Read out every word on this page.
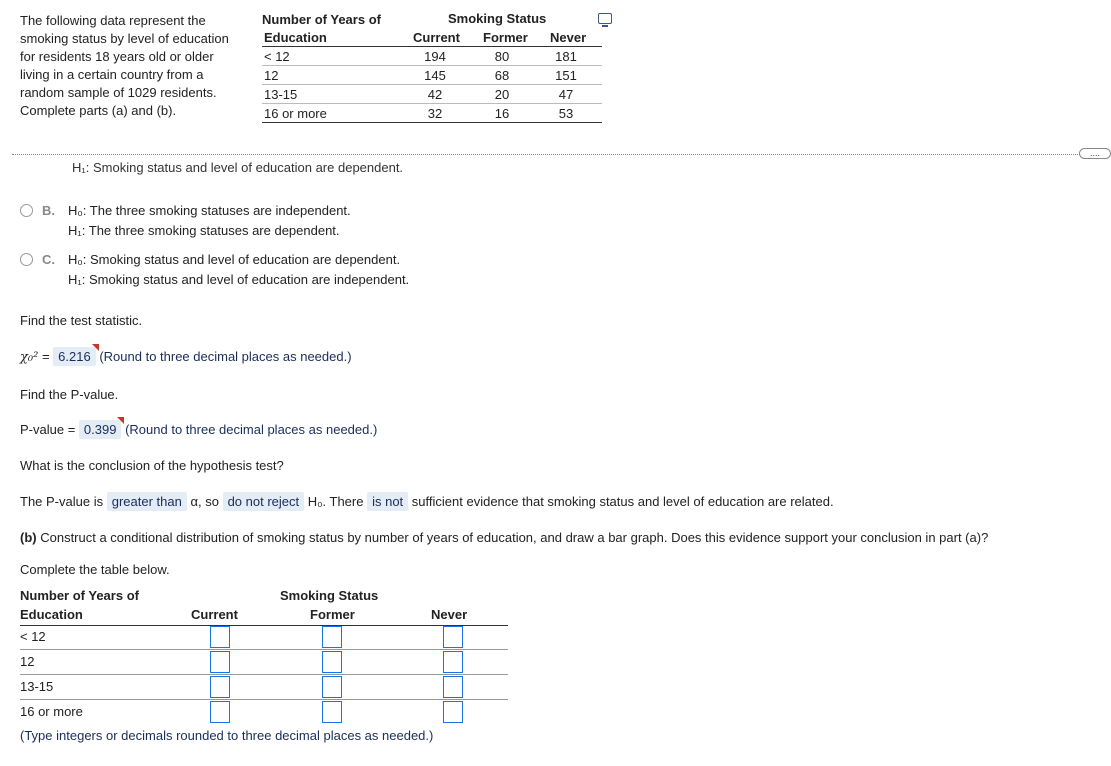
The following data represent the
smoking status by level of education
for residents 18 years old or older
living in a certain country from a
random sample of 1029 residents.
Complete parts (a) and (b).
Number of Years of	Smoking Status
Education	Current Former Never
< 12	194	80	181
12	145	68	151
13-15	42	20	47
16 or more	32	16	53
....
H₁: Smoking status and level of education are dependent.
B. H₀: The three smoking statuses are independent.
H₁: The three smoking statuses are dependent.
C. H₀: Smoking status and level of education are dependent.
H₁: Smoking status and level of education are independent.
Find the test statistic.
χ₀² = 6.216 (Round to three decimal places as needed.)
Find the P-value.
P-value = 0.399 (Round to three decimal places as needed.)
What is the conclusion of the hypothesis test?
The P-value is greater than α, so do not reject H₀. There is not sufficient evidence that smoking status and level of education are related.
(b) Construct a conditional distribution of smoking status by number of years of education, and draw a bar graph. Does this evidence support your conclusion in part (a)?
Complete the table below.
Number of Years of	Smoking Status
Education	Current	Former	Never
< 12
12
13-15
16 or more
(Type integers or decimals rounded to three decimal places as needed.)
